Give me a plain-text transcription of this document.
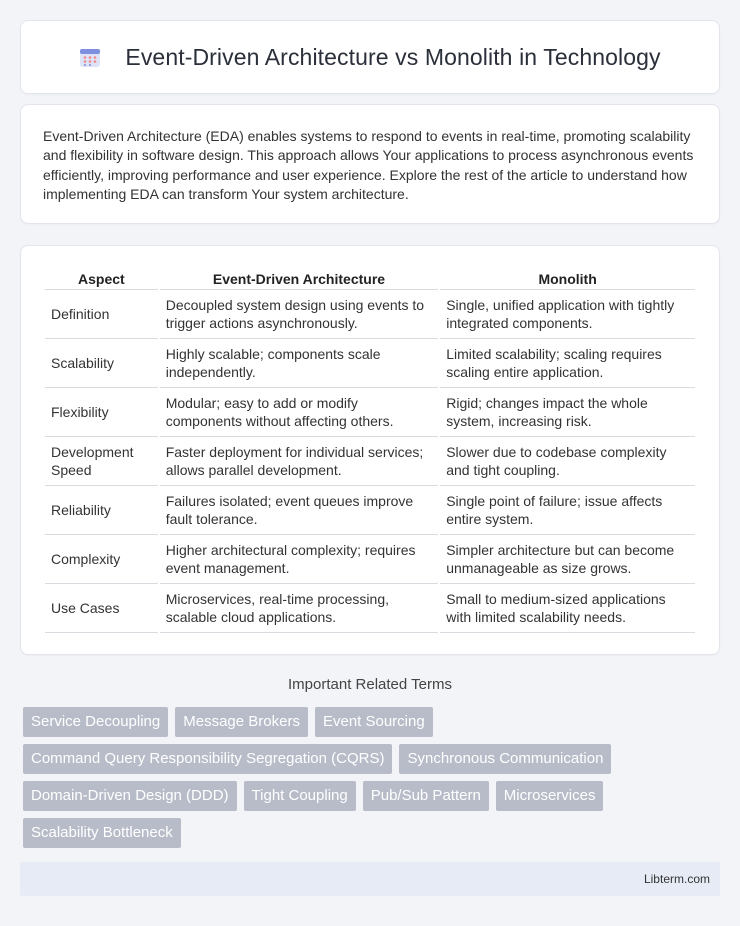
Event-Driven Architecture vs Monolith in Technology

Event-Driven Architecture (EDA) enables systems to respond to events in real-time, promoting scalability and flexibility in software design. This approach allows Your applications to process asynchronous events efficiently, improving performance and user experience. Explore the rest of the article to understand how implementing EDA can transform Your system architecture.

Aspect	Event-Driven Architecture	Monolith
Definition	Decoupled system design using events to trigger actions asynchronously.	Single, unified application with tightly integrated components.
Scalability	Highly scalable; components scale independently.	Limited scalability; scaling requires scaling entire application.
Flexibility	Modular; easy to add or modify components without affecting others.	Rigid; changes impact the whole system, increasing risk.
Development Speed	Faster deployment for individual services; allows parallel development.	Slower due to codebase complexity and tight coupling.
Reliability	Failures isolated; event queues improve fault tolerance.	Single point of failure; issue affects entire system.
Complexity	Higher architectural complexity; requires event management.	Simpler architecture but can become unmanageable as size grows.
Use Cases	Microservices, real-time processing, scalable cloud applications.	Small to medium-sized applications with limited scalability needs.
Important Related Terms
Service Decoupling	Message Brokers	Event Sourcing
Command Query Responsibility Segregation (CQRS)	Synchronous Communication
Domain-Driven Design (DDD)	Tight Coupling	Pub/Sub Pattern	Microservices
Scalability Bottleneck
Libterm.com
